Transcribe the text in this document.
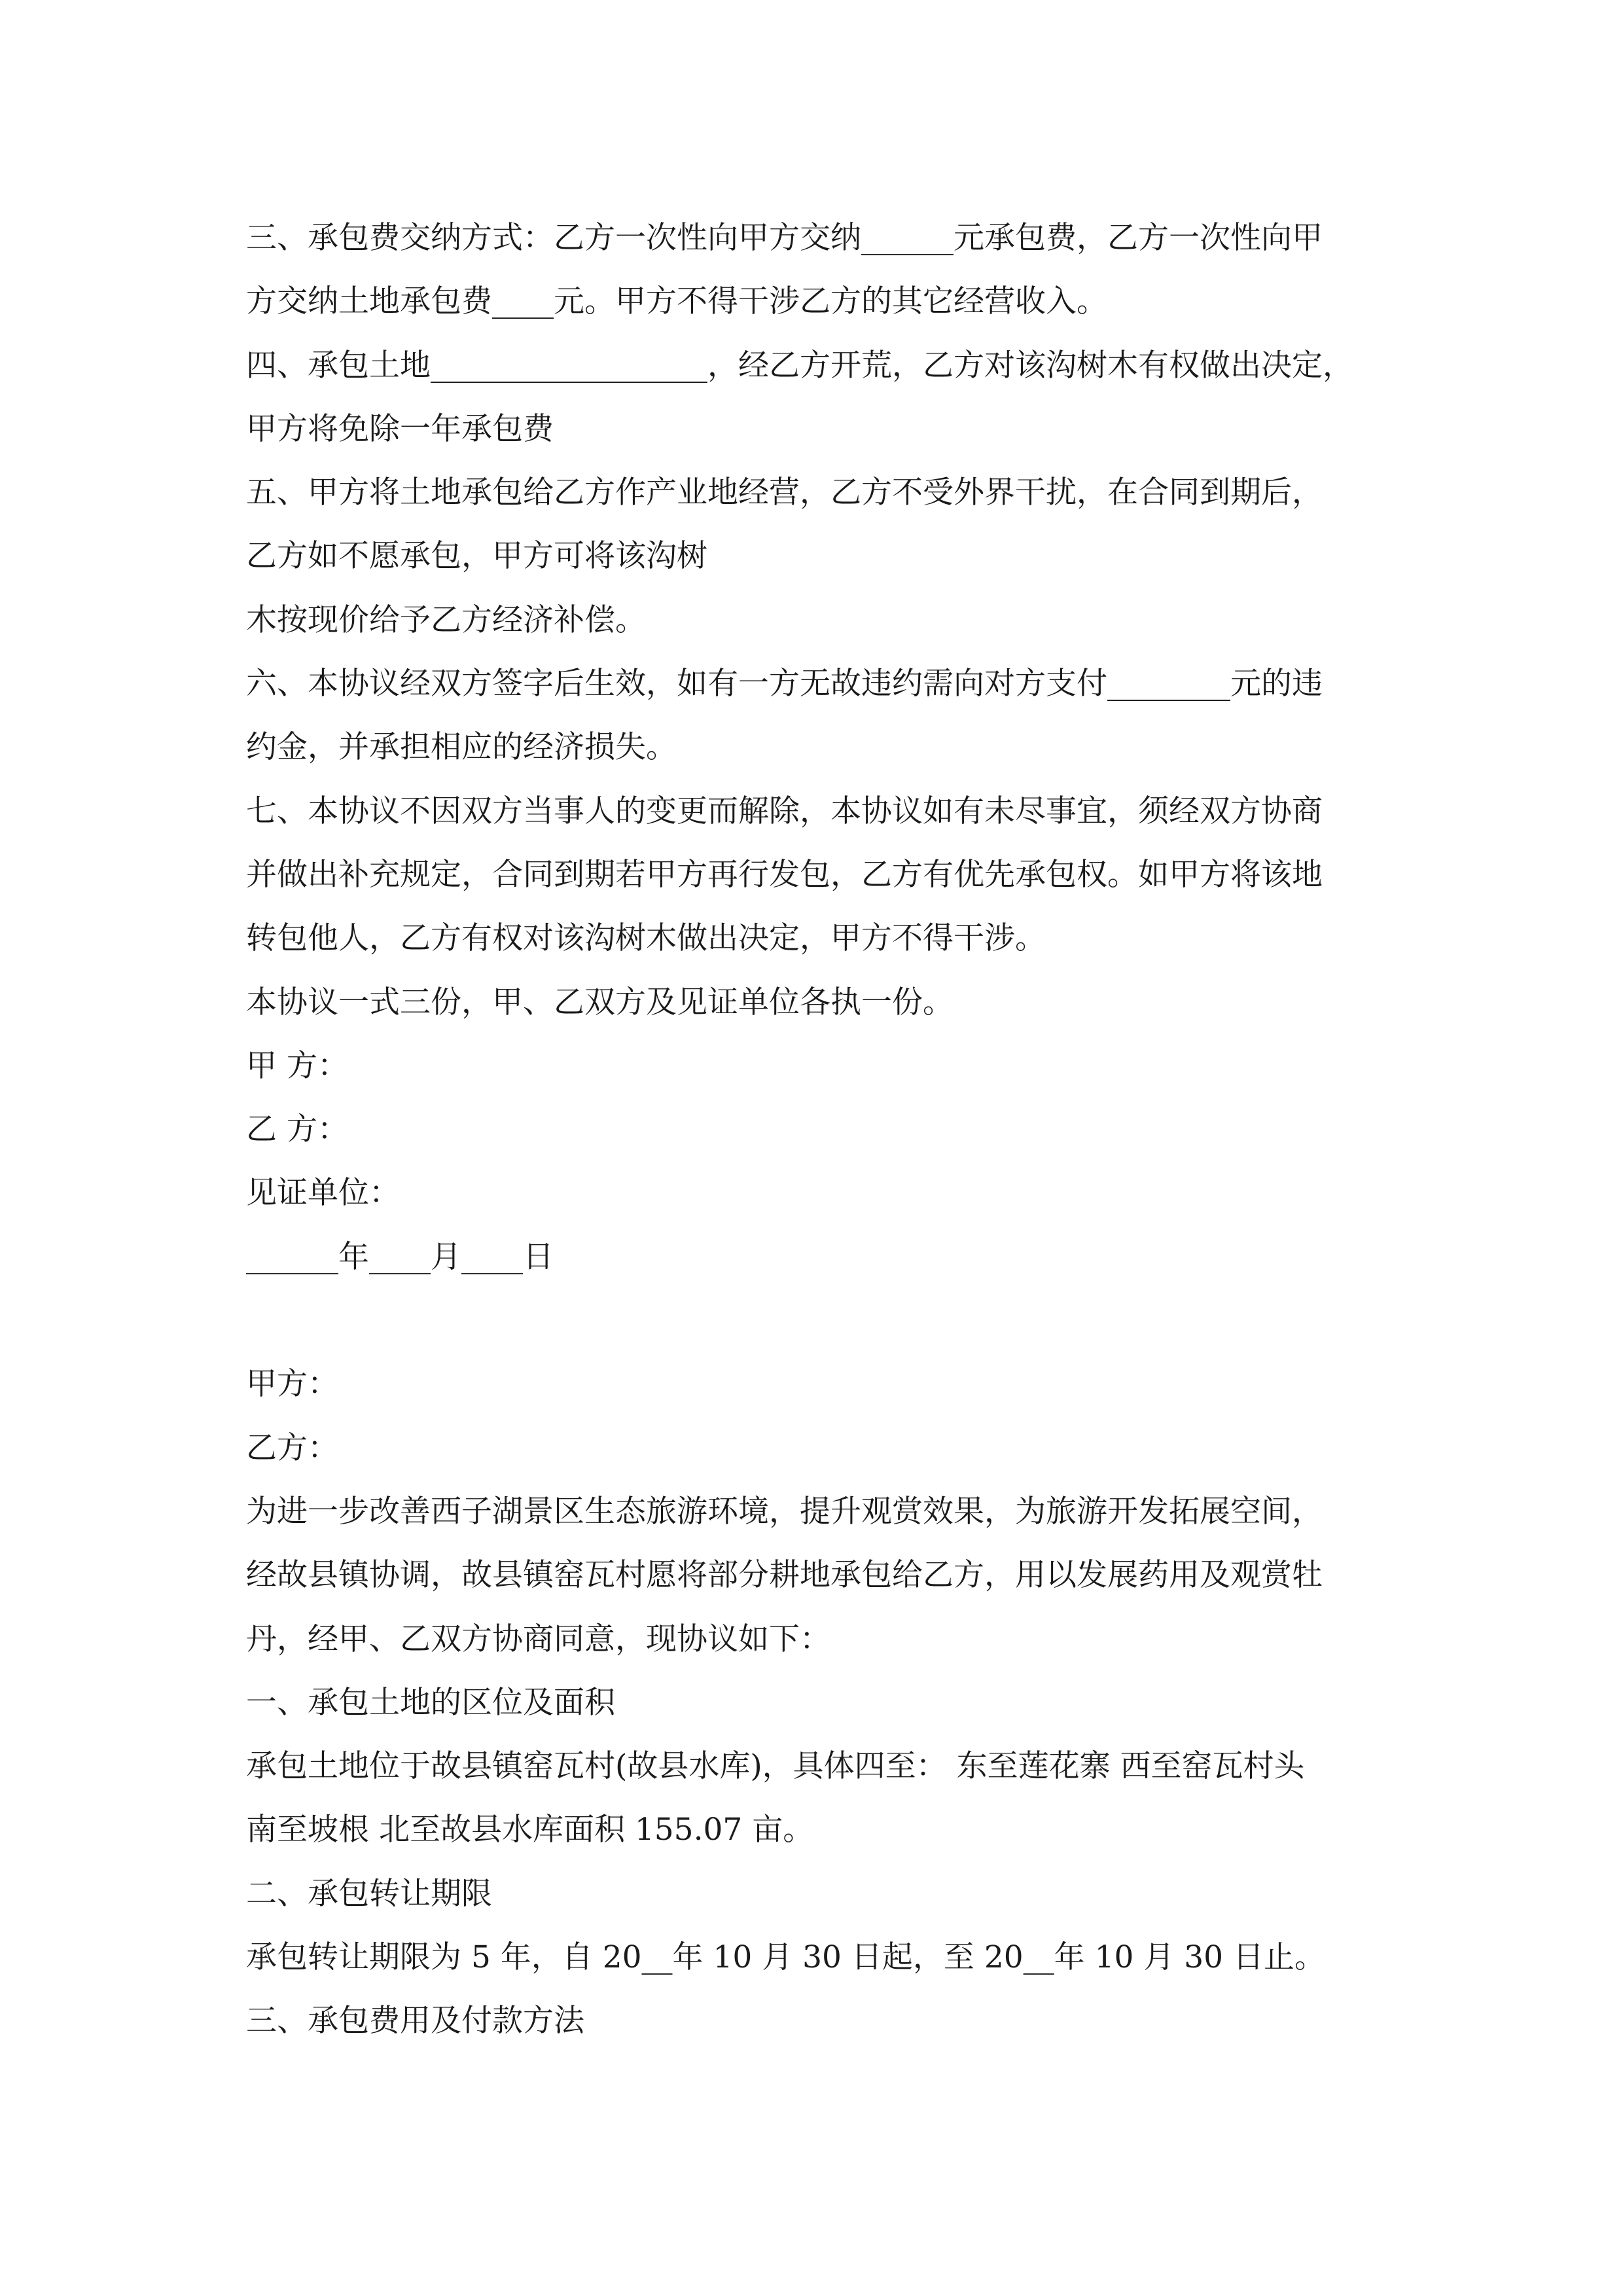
三、承包费交纳方式：乙方一次性向甲方交纳______元承包费，乙方一次性向甲
方交纳土地承包费____元。甲方不得干涉乙方的其它经营收入。
四、承包土地__________________，经乙方开荒，乙方对该沟树木有权做出决定，
甲方将免除一年承包费
五、甲方将土地承包给乙方作产业地经营，乙方不受外界干扰，在合同到期后，
乙方如不愿承包，甲方可将该沟树
木按现价给予乙方经济补偿。
六、本协议经双方签字后生效，如有一方无故违约需向对方支付________元的违
约金，并承担相应的经济损失。
七、本协议不因双方当事人的变更而解除，本协议如有未尽事宜，须经双方协商
并做出补充规定，合同到期若甲方再行发包，乙方有优先承包权。如甲方将该地
转包他人，乙方有权对该沟树木做出决定，甲方不得干涉。
本协议一式三份，甲、乙双方及见证单位各执一份。
甲 方：
乙 方：
见证单位：
______年____月____日
甲方：
乙方：
为进一步改善西子湖景区生态旅游环境，提升观赏效果，为旅游开发拓展空间，
经故县镇协调，故县镇窑瓦村愿将部分耕地承包给乙方，用以发展药用及观赏牡
丹，经甲、乙双方协商同意，现协议如下：
一、承包土地的区位及面积
承包土地位于故县镇窑瓦村(故县水库)，具体四至： 东至莲花寨 西至窑瓦村头
南至坡根 北至故县水库面积 155.07 亩。
二、承包转让期限
承包转让期限为 5 年，自 20__年 10 月 30 日起，至 20__年 10 月 30 日止。
三、承包费用及付款方法
